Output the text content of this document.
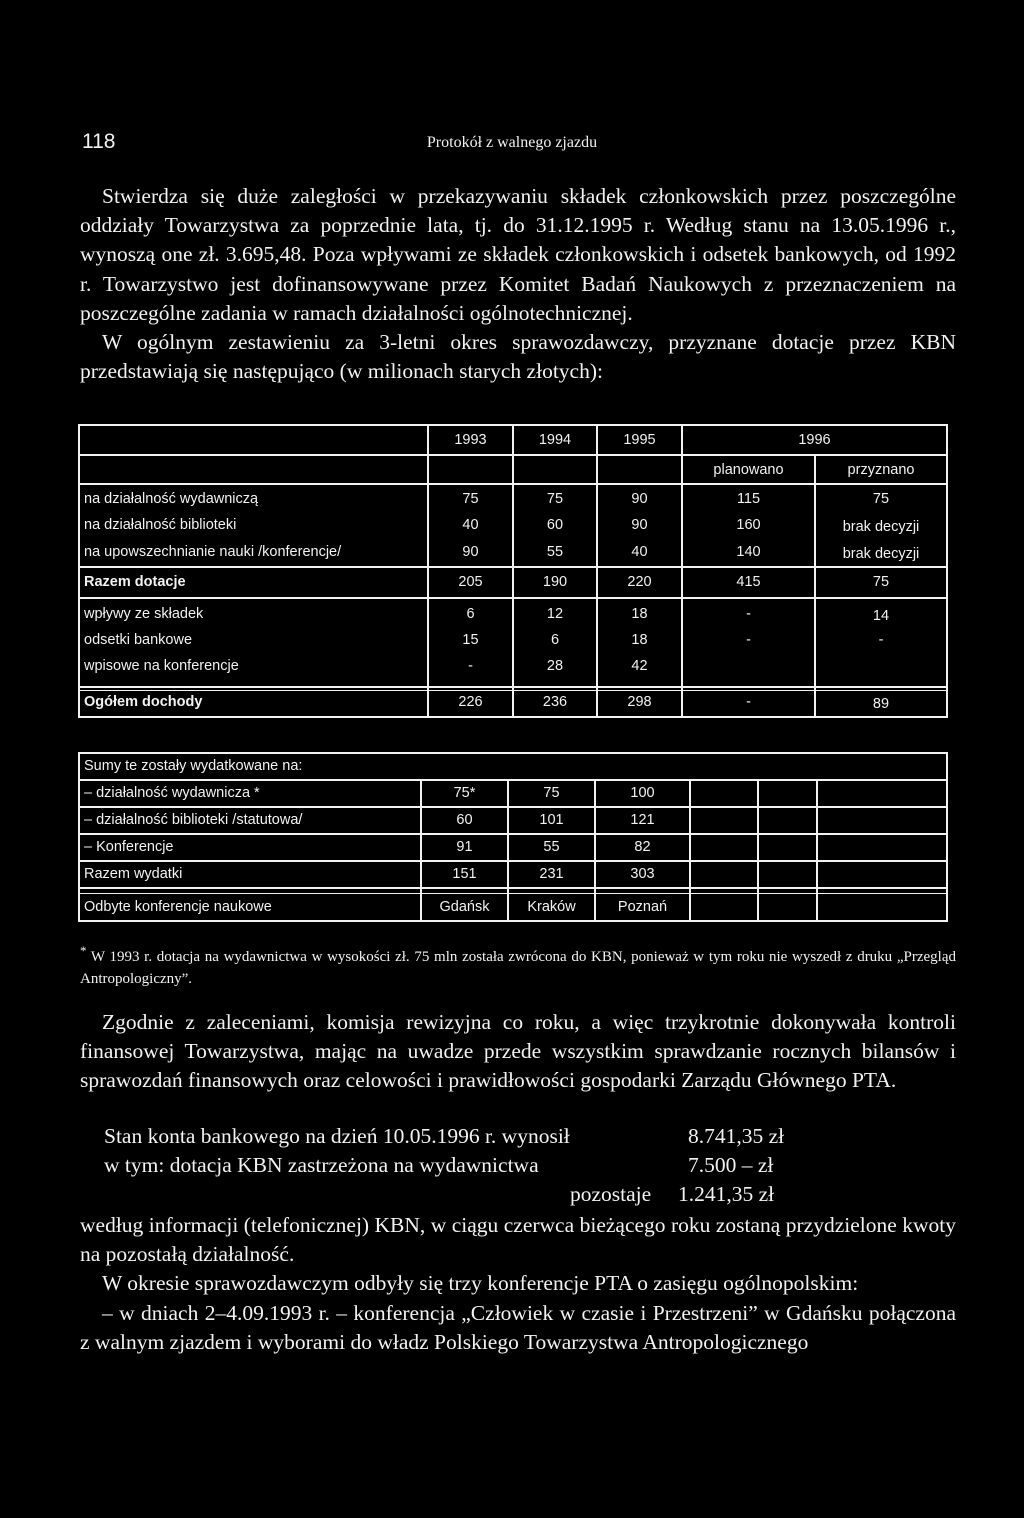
118	Protokół z walnego zjazdu

Stwierdza się duże zaległości w przekazywaniu składek członkowskich przez poszczególne oddziały Towarzystwa za poprzednie lata, tj. do 31.12.1995 r. Według stanu na 13.05.1996 r., wynoszą one zł. 3.695,48. Poza wpływami ze składek członkowskich i odsetek bankowych, od 1992 r. Towarzystwo jest dofinansowywane przez Komitet Badań Naukowych z przeznaczeniem na poszczególne zadania w ramach działalności ogólnotechnicznej.

W ogólnym zestawieniu za 3-letni okres sprawozdawczy, przyznane dotacje przez KBN przedstawiają się następująco (w milionach starych złotych):

1993	1994	1995	1996
planowano	przyznano
na działalność wydawniczą	75	75	90	115	75
na działalność biblioteki	40	60	90	160	brak decyzji
na upowszechnianie nauki /konferencje/	90	55	40	140	brak decyzji
Razem dotacje	205	190	220	415	75
wpływy ze składek	6	12	18	-	14
odsetki bankowe	15	6	18	-	-
wpisowe na konferencje	-	28	42
Ogółem dochody	226	236	298	-	89
Sumy te zostały wydatkowane na:
– działalność wydawnicza *	75*	75	100
– działalność biblioteki /statutowa/	60	101	121
– Konferencje	91	55	82
Razem wydatki	151	231	303
Odbyte konferencje naukowe	Gdańsk	Kraków	Poznań
* W 1993 r. dotacja na wydawnictwa w wysokości zł. 75 mln została zwrócona do KBN, ponieważ w tym roku nie wyszedł z druku „Przegląd Antropologiczny”.

Zgodnie z zaleceniami, komisja rewizyjna co roku, a więc trzykrotnie dokonywała kontroli finansowej Towarzystwa, mając na uwadze przede wszystkim sprawdzanie rocznych bilansów i sprawozdań finansowych oraz celowości i prawidłowości gospodarki Zarządu Głównego PTA.

Stan konta bankowego na dzień 10.05.1996 r. wynosił	8.741,35 zł
w tym: dotacja KBN zastrzeżona na wydawnictwa	7.500 – zł
pozostaje 1.241,35 zł

według informacji (telefonicznej) KBN, w ciągu czerwca bieżącego roku zostaną przydzielone kwoty na pozostałą działalność.

W okresie sprawozdawczym odbyły się trzy konferencje PTA o zasięgu ogólnopolskim:

– w dniach 2–4.09.1993 r. – konferencja „Człowiek w czasie i Przestrzeni” w Gdańsku połączona z walnym zjazdem i wyborami do władz Polskiego Towarzystwa Antropologicznego
